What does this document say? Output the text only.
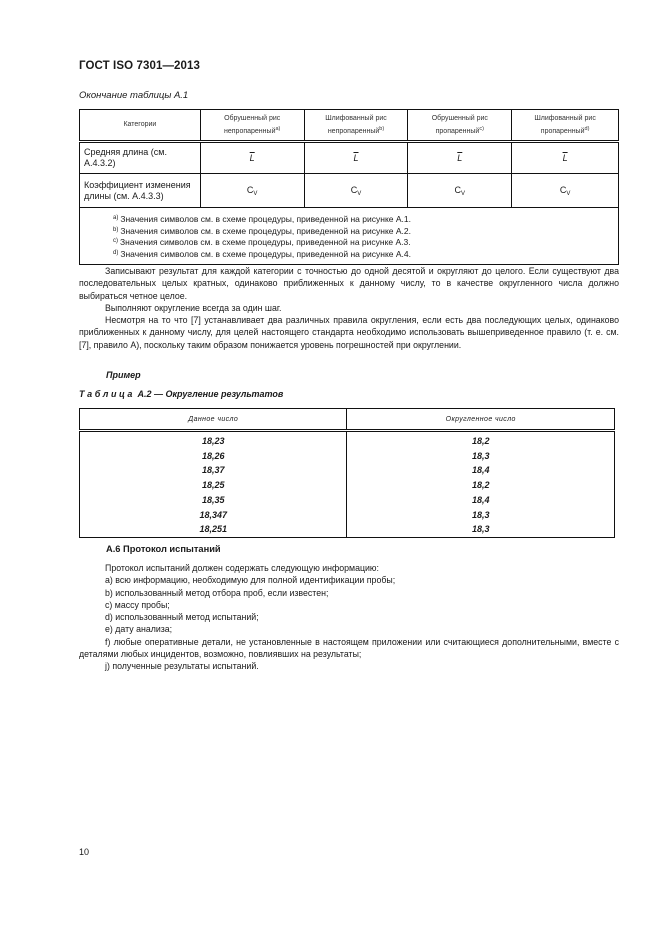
ГОСТ ISO 7301—2013
Окончание таблицы А.1
Категории	Обрушенный рис непропаренный$^{a)}$	Шлифованный рис непропаренный$^{b)}$	Обрушенный рис пропаренный$^{c)}$	Шлифованный рис пропаренный$^{d)}$
Средняя длина (см. А.4.3.2)	$\overline{L}$	$\overline{L}$	$\overline{L}$	$\overline{L}$
Коэффициент изменения длины (см. А.4.3.3)	$C_V$	$C_V$	$C_V$	$C_V$

$^{a)}$ Значения символов см. в схеме процедуры, приведенной на рисунке А.1.
$^{b)}$ Значения символов см. в схеме процедуры, приведенной на рисунке А.2.
$^{c)}$ Значения символов см. в схеме процедуры, приведенной на рисунке А.3.
$^{d)}$ Значения символов см. в схеме процедуры, приведенной на рисунке А.4.				
Записывают результат для каждой категории с точностью до одной десятой и округляют до целого. Если существуют два последовательных целых кратных, одинаково приближенных к данному числу, то в качестве округленного числа должно выбираться четное целое.
Выполняют округление всегда за один шаг.
Несмотря на то что [7] устанавливает два различных правила округления, если есть два последующих целых, одинаково приближенных к данному числу, для целей настоящего стандарта необходимо использовать вышеприведенное правило (т. е. см. [7], правило А), поскольку таким образом понижается уровень погрешностей при округлении.
Пример
Таблица А.2 — Округление результатов
Данное число	Округленное число
18,23	18,2
18,26	18,3
18,37	18,4
18,25	18,2
18,35	18,4
18,347	18,3
18,251	18,3
А.6 Протокол испытаний
Протокол испытаний должен содержать следующую информацию:
a) всю информацию, необходимую для полной идентификации пробы;
b) использованный метод отбора проб, если известен;
c) массу пробы;
d) использованный метод испытаний;
e) дату анализа;
f) любые оперативные детали, не установленные в настоящем приложении или считающиеся дополнительными, вместе с деталями любых инцидентов, возможно, повлиявших на результаты;
j) полученные результаты испытаний.
10
